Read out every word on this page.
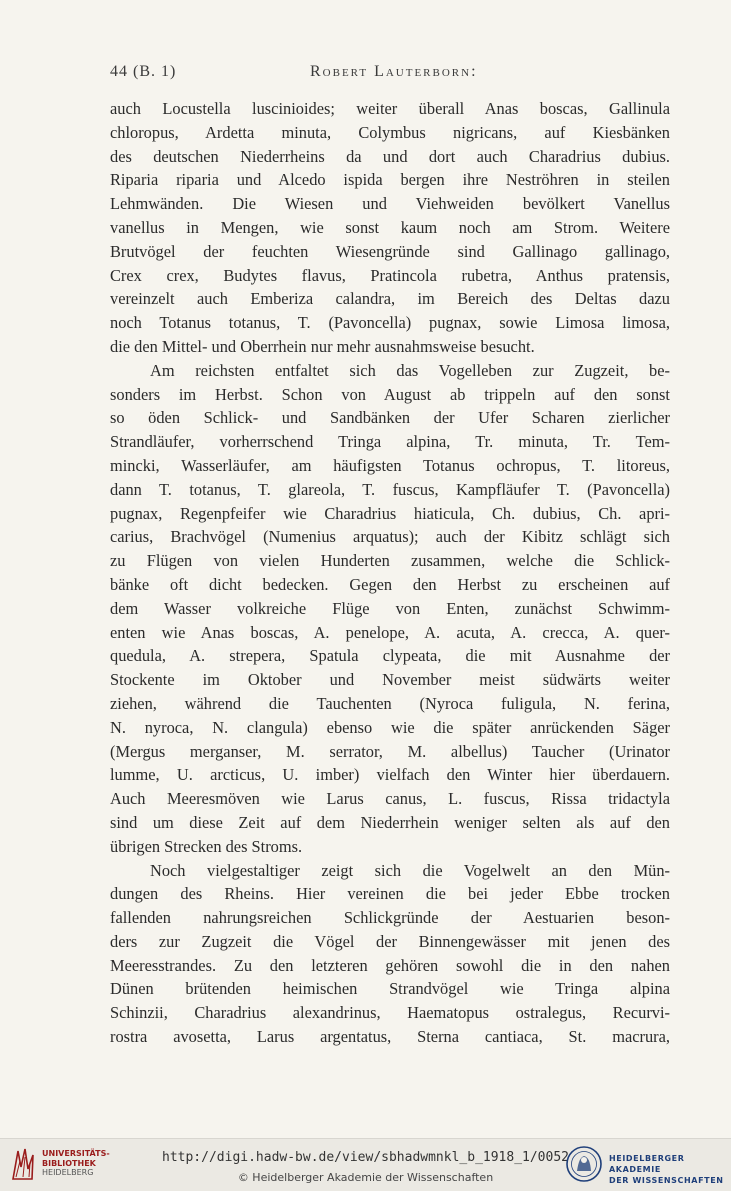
44 (B. 1)	Robert Lauterborn:
auch Locustella luscinioides; weiter überall Anas boscas, Gallinula
chloropus, Ardetta minuta, Colymbus nigricans, auf Kiesbänken
des deutschen Niederrheins da und dort auch Charadrius dubius.
Riparia riparia und Alcedo ispida bergen ihre Neströhren in steilen
Lehmwänden. Die Wiesen und Viehweiden bevölkert Vanellus
vanellus in Mengen, wie sonst kaum noch am Strom. Weitere
Brutvögel der feuchten Wiesengründe sind Gallinago gallinago,
Crex crex, Budytes flavus, Pratincola rubetra, Anthus pratensis,
vereinzelt auch Emberiza calandra, im Bereich des Deltas dazu
noch Totanus totanus, T. (Pavoncella) pugnax, sowie Limosa limosa,
die den Mittel- und Oberrhein nur mehr ausnahmsweise besucht.
Am reichsten entfaltet sich das Vogelleben zur Zugzeit, be-
sonders im Herbst. Schon von August ab trippeln auf den sonst
so öden Schlick- und Sandbänken der Ufer Scharen zierlicher
Strandläufer, vorherrschend Tringa alpina, Tr. minuta, Tr. Tem-
mincki, Wasserläufer, am häufigsten Totanus ochropus, T. litoreus,
dann T. totanus, T. glareola, T. fuscus, Kampfläufer T. (Pavoncella)
pugnax, Regenpfeifer wie Charadrius hiaticula, Ch. dubius, Ch. apri-
carius, Brachvögel (Numenius arquatus); auch der Kibitz schlägt sich
zu Flügen von vielen Hunderten zusammen, welche die Schlick-
bänke oft dicht bedecken. Gegen den Herbst zu erscheinen auf
dem Wasser volkreiche Flüge von Enten, zunächst Schwimm-
enten wie Anas boscas, A. penelope, A. acuta, A. crecca, A. quer-
quedula, A. strepera, Spatula clypeata, die mit Ausnahme der
Stockente im Oktober und November meist südwärts weiter
ziehen, während die Tauchenten (Nyroca fuligula, N. ferina,
N. nyroca, N. clangula) ebenso wie die später anrückenden Säger
(Mergus merganser, M. serrator, M. albellus) Taucher (Urinator
lumme, U. arcticus, U. imber) vielfach den Winter hier überdauern.
Auch Meeresmöven wie Larus canus, L. fuscus, Rissa tridactyla
sind um diese Zeit auf dem Niederrhein weniger selten als auf den
übrigen Strecken des Stroms.
Noch vielgestaltiger zeigt sich die Vogelwelt an den Mün-
dungen des Rheins. Hier vereinen die bei jeder Ebbe trocken
fallenden nahrungsreichen Schlickgründe der Aestuarien beson-
ders zur Zugzeit die Vögel der Binnengewässer mit jenen des
Meeresstrandes. Zu den letzteren gehören sowohl die in den nahen
Dünen brütenden heimischen Strandvögel wie Tringa alpina
Schinzii, Charadrius alexandrinus, Haematopus ostralegus, Recurvi-
rostra avosetta, Larus argentatus, Sterna cantiaca, St. macrura,
UNIVERSITÄTS-
BIBLIOTHEK
HEIDELBERG
http://digi.hadw-bw.de/view/sbhadwmnkl_b_1918_1/0052
© Heidelberger Akademie der Wissenschaften
HEIDELBERGER AKADEMIE
DER WISSENSCHAFTEN
